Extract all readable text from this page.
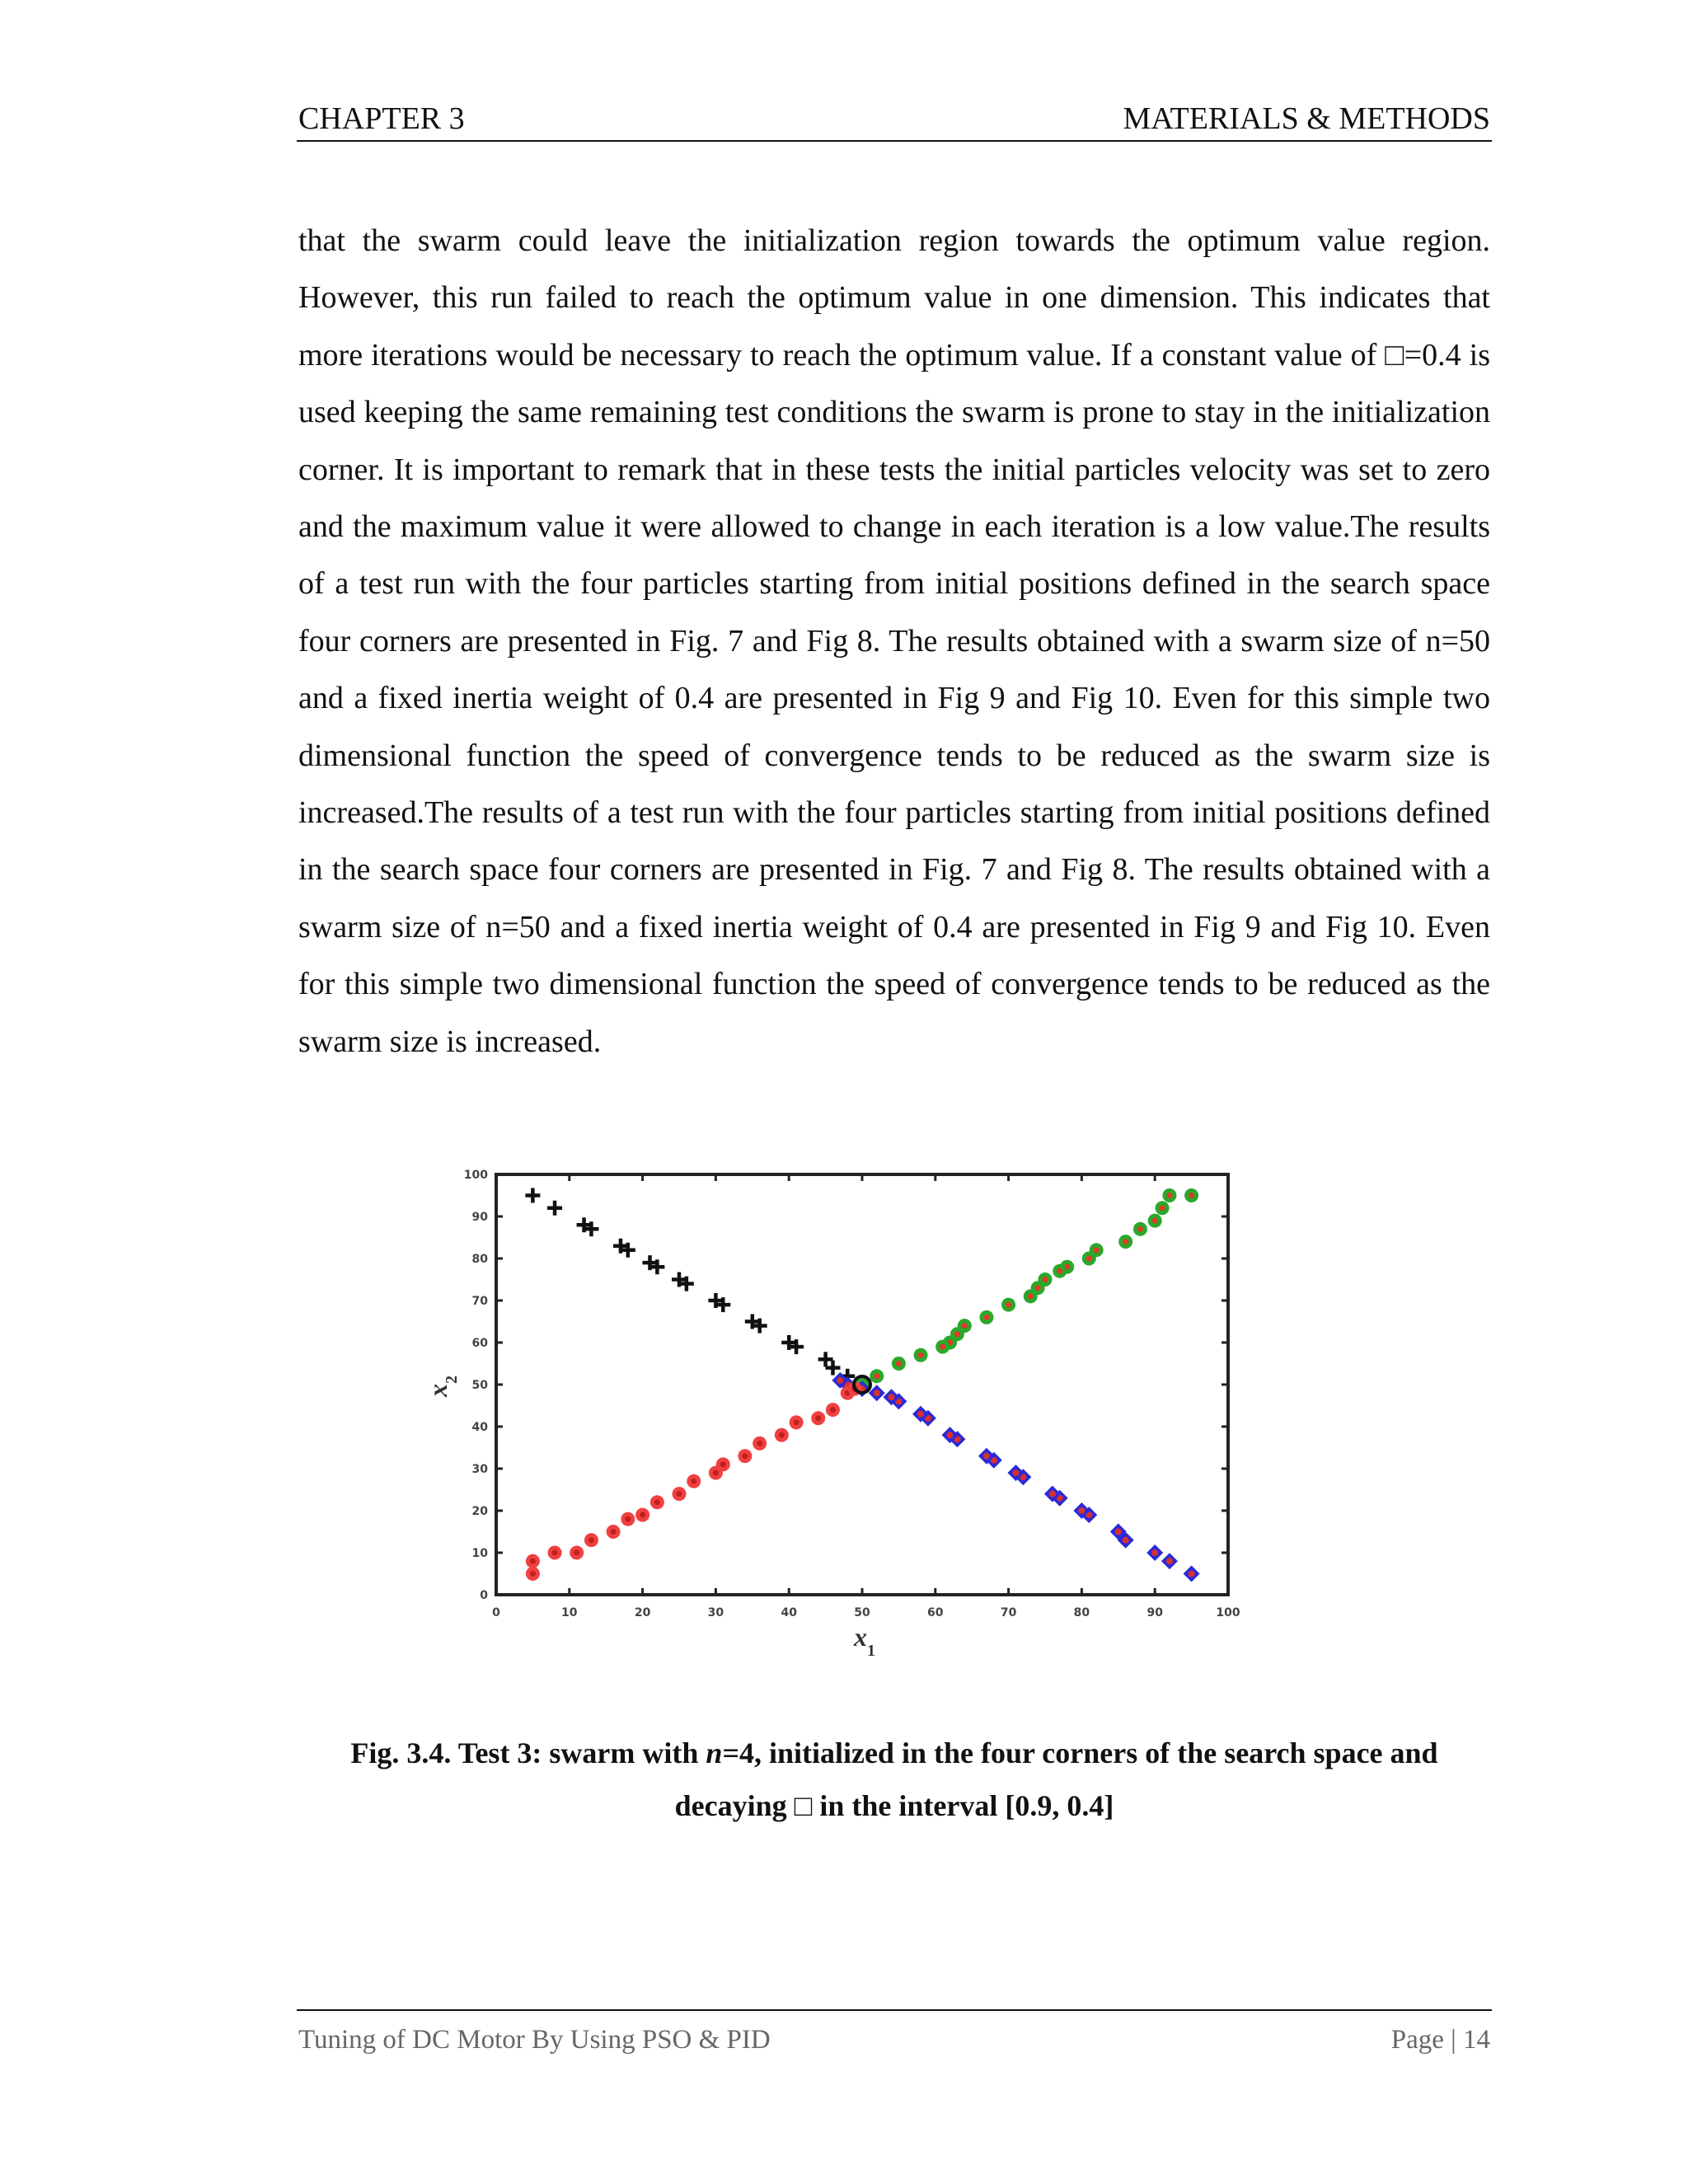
CHAPTER 3	MATERIALS & METHODS

that the swarm could leave the initialization region towards the optimum value region. However, this run failed to reach the optimum value in one dimension. This indicates that more iterations would be necessary to reach the optimum value. If a constant value of □=0.4 is used keeping the same remaining test conditions the swarm is prone to stay in the initialization corner. It is important to remark that in these tests the initial particles velocity was set to zero and the maximum value it were allowed to change in each iteration is a low value.The results of a test run with the four particles starting from initial positions defined in the search space four corners are presented in Fig. 7 and Fig 8. The results obtained with a swarm size of n=50 and a fixed inertia weight of 0.4 are presented in Fig 9 and Fig 10. Even for this simple two dimensional function the speed of convergence tends to be reduced as the swarm size is increased.The results of a test run with the four particles starting from initial positions defined in the search space four corners are presented in Fig. 7 and Fig 8. The results obtained with a swarm size of n=50 and a fixed inertia weight of 0.4 are presented in Fig 9 and Fig 10. Even for this simple two dimensional function the speed of convergence tends to be reduced as the swarm size is increased.

0	10	20	30	40	50	60	70	80	90	100
0
10
20
30
40
50
60
70
80
90
100
x 1
x
2

Fig. 3.4. Test 3: swarm with n=4, initialized in the four corners of the search space and

decaying □ in the interval [0.9, 0.4]

Tuning of DC Motor By Using PSO & PID	Page | 14
